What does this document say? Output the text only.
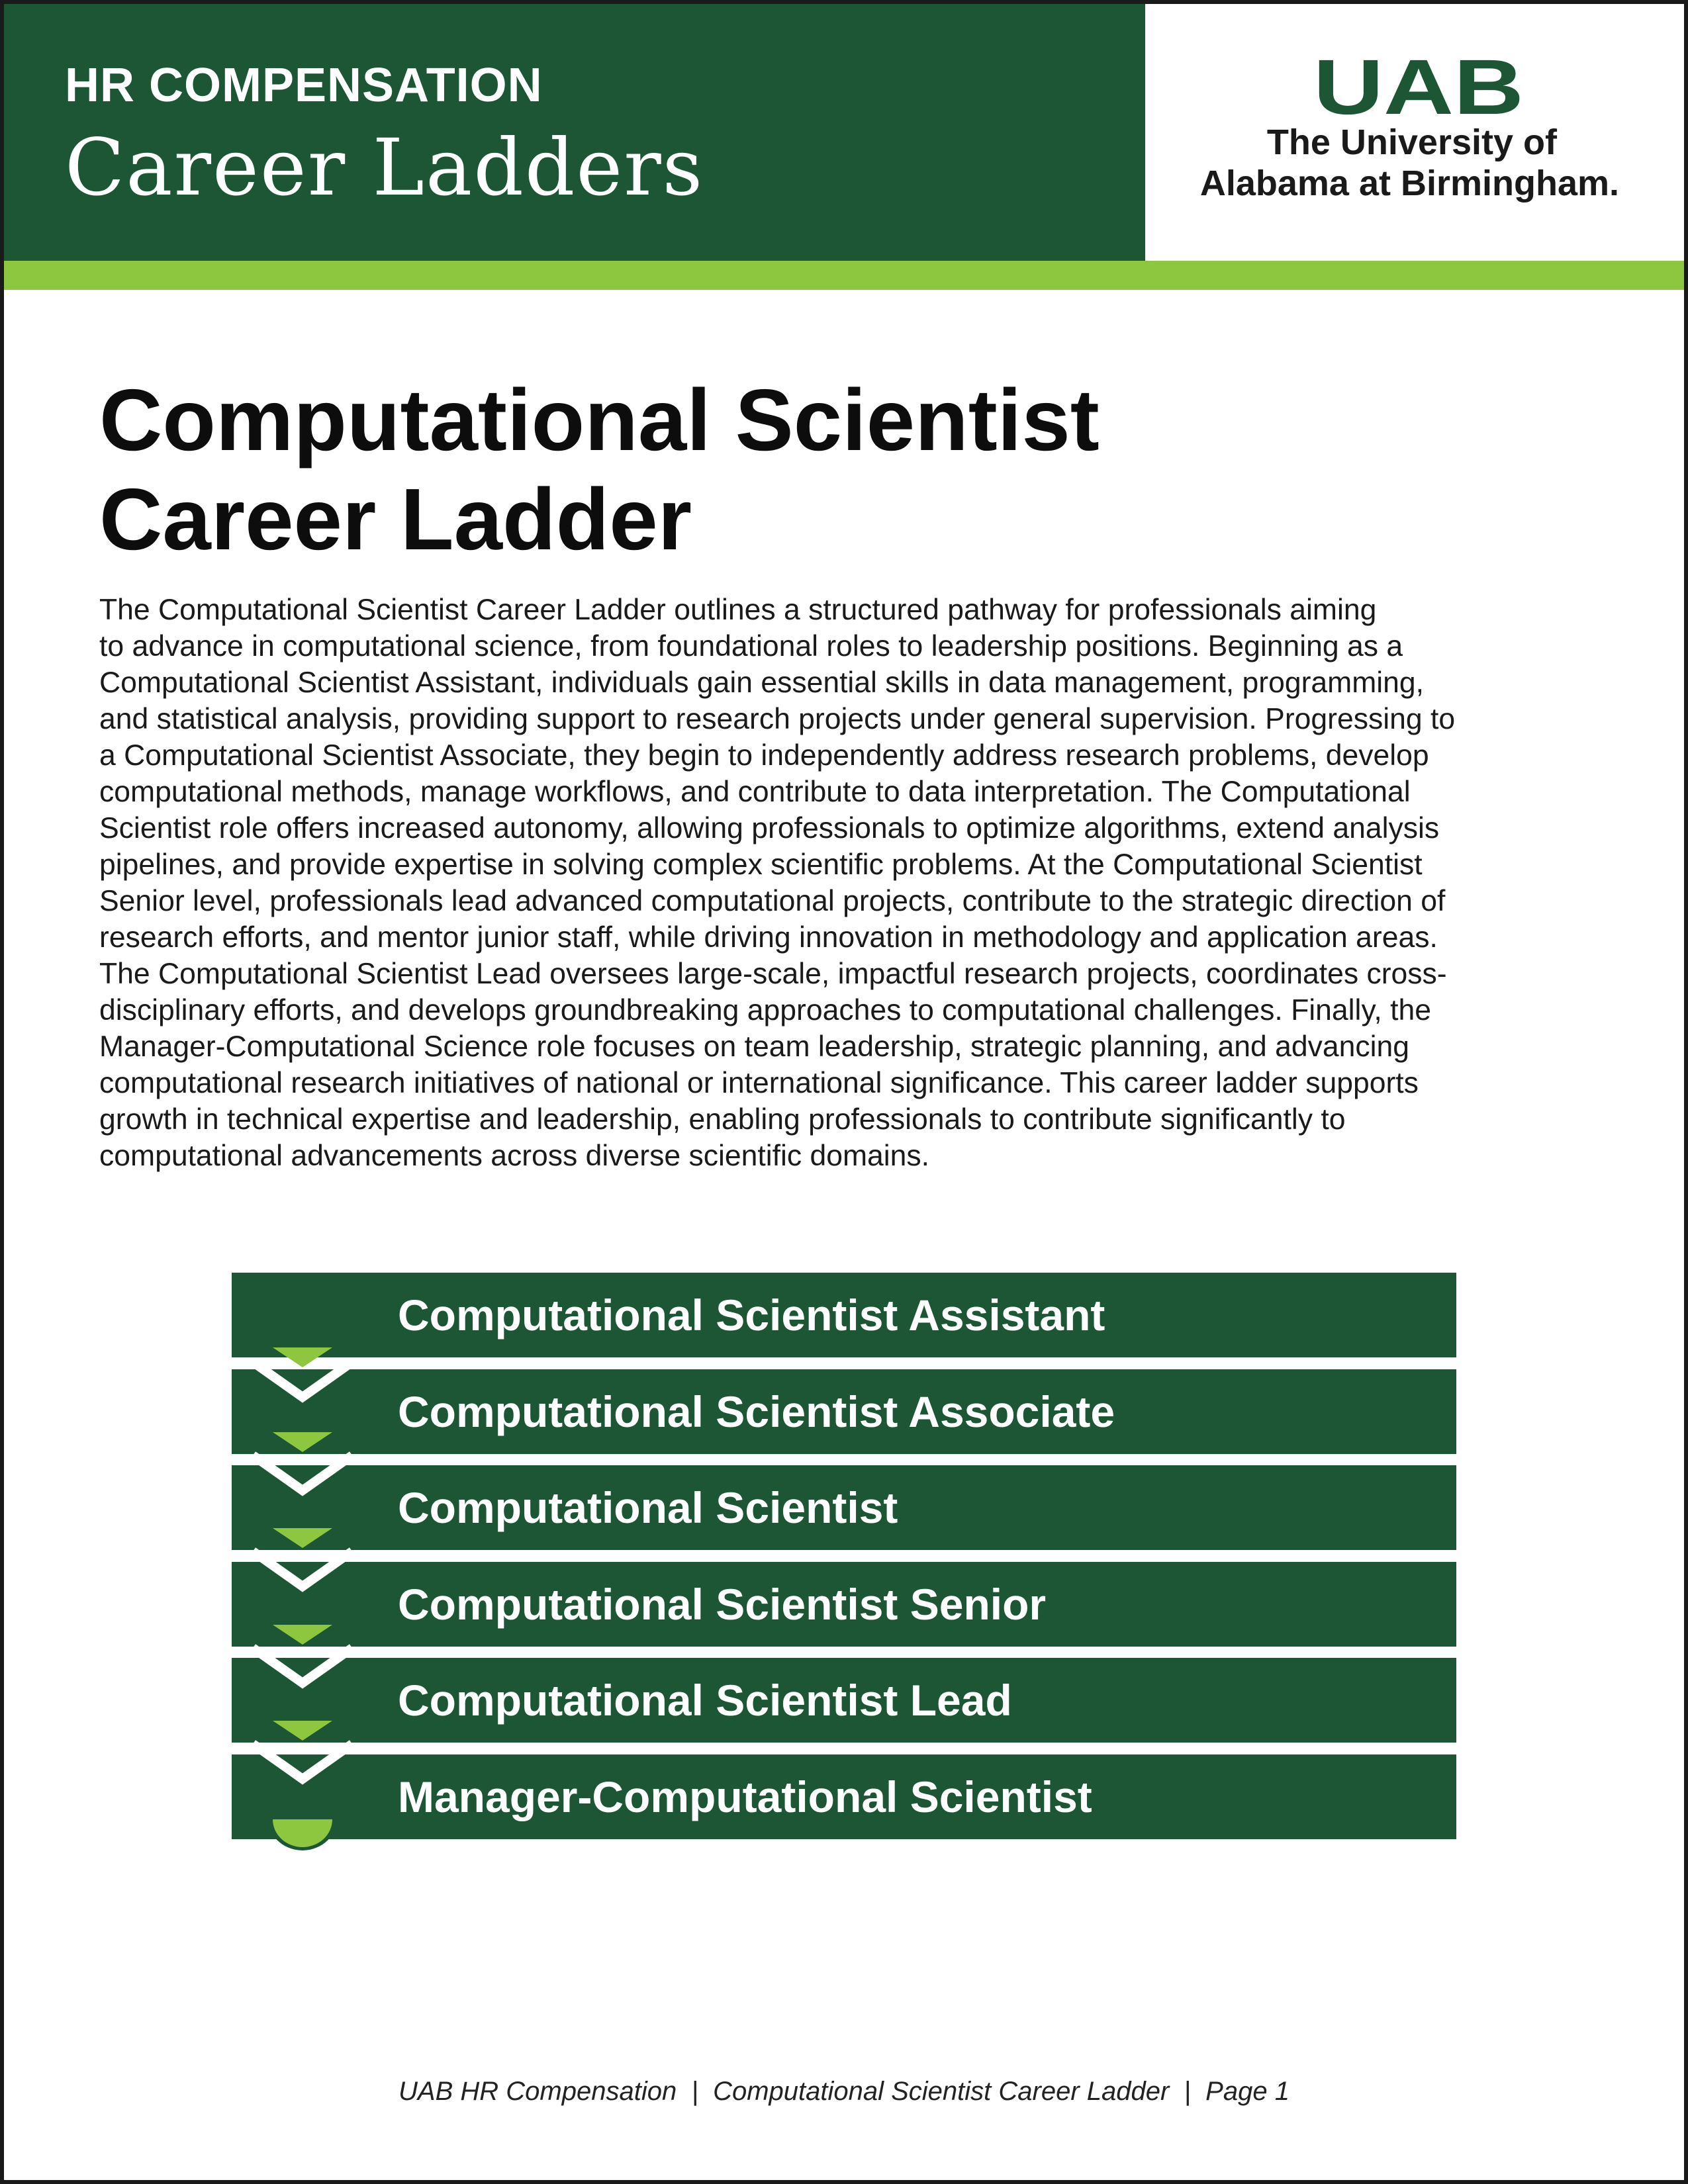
HR COMPENSATION
Career Ladders
UAB
The University of
Alabama at Birmingham.
Computational Scientist
Career Ladder
The Computational Scientist Career Ladder outlines a structured pathway for professionals aiming
to advance in computational science, from foundational roles to leadership positions. Beginning as a
Computational Scientist Assistant, individuals gain essential skills in data management, programming,
and statistical analysis, providing support to research projects under general supervision. Progressing to
a Computational Scientist Associate, they begin to independently address research problems, develop
computational methods, manage workflows, and contribute to data interpretation. The Computational
Scientist role offers increased autonomy, allowing professionals to optimize algorithms, extend analysis
pipelines, and provide expertise in solving complex scientific problems. At the Computational Scientist
Senior level, professionals lead advanced computational projects, contribute to the strategic direction of
research efforts, and mentor junior staff, while driving innovation in methodology and application areas.
The Computational Scientist Lead oversees large-scale, impactful research projects, coordinates cross-
disciplinary efforts, and develops groundbreaking approaches to computational challenges. Finally, the
Manager-Computational Science role focuses on team leadership, strategic planning, and advancing
computational research initiatives of national or international significance. This career ladder supports
growth in technical expertise and leadership, enabling professionals to contribute significantly to
computational advancements across diverse scientific domains.
Computational Scientist Assistant
Computational Scientist Associate
Computational Scientist
Computational Scientist Senior
Computational Scientist Lead
Manager-Computational Scientist
UAB HR Compensation  |  Computational Scientist Career Ladder  |  Page 1
